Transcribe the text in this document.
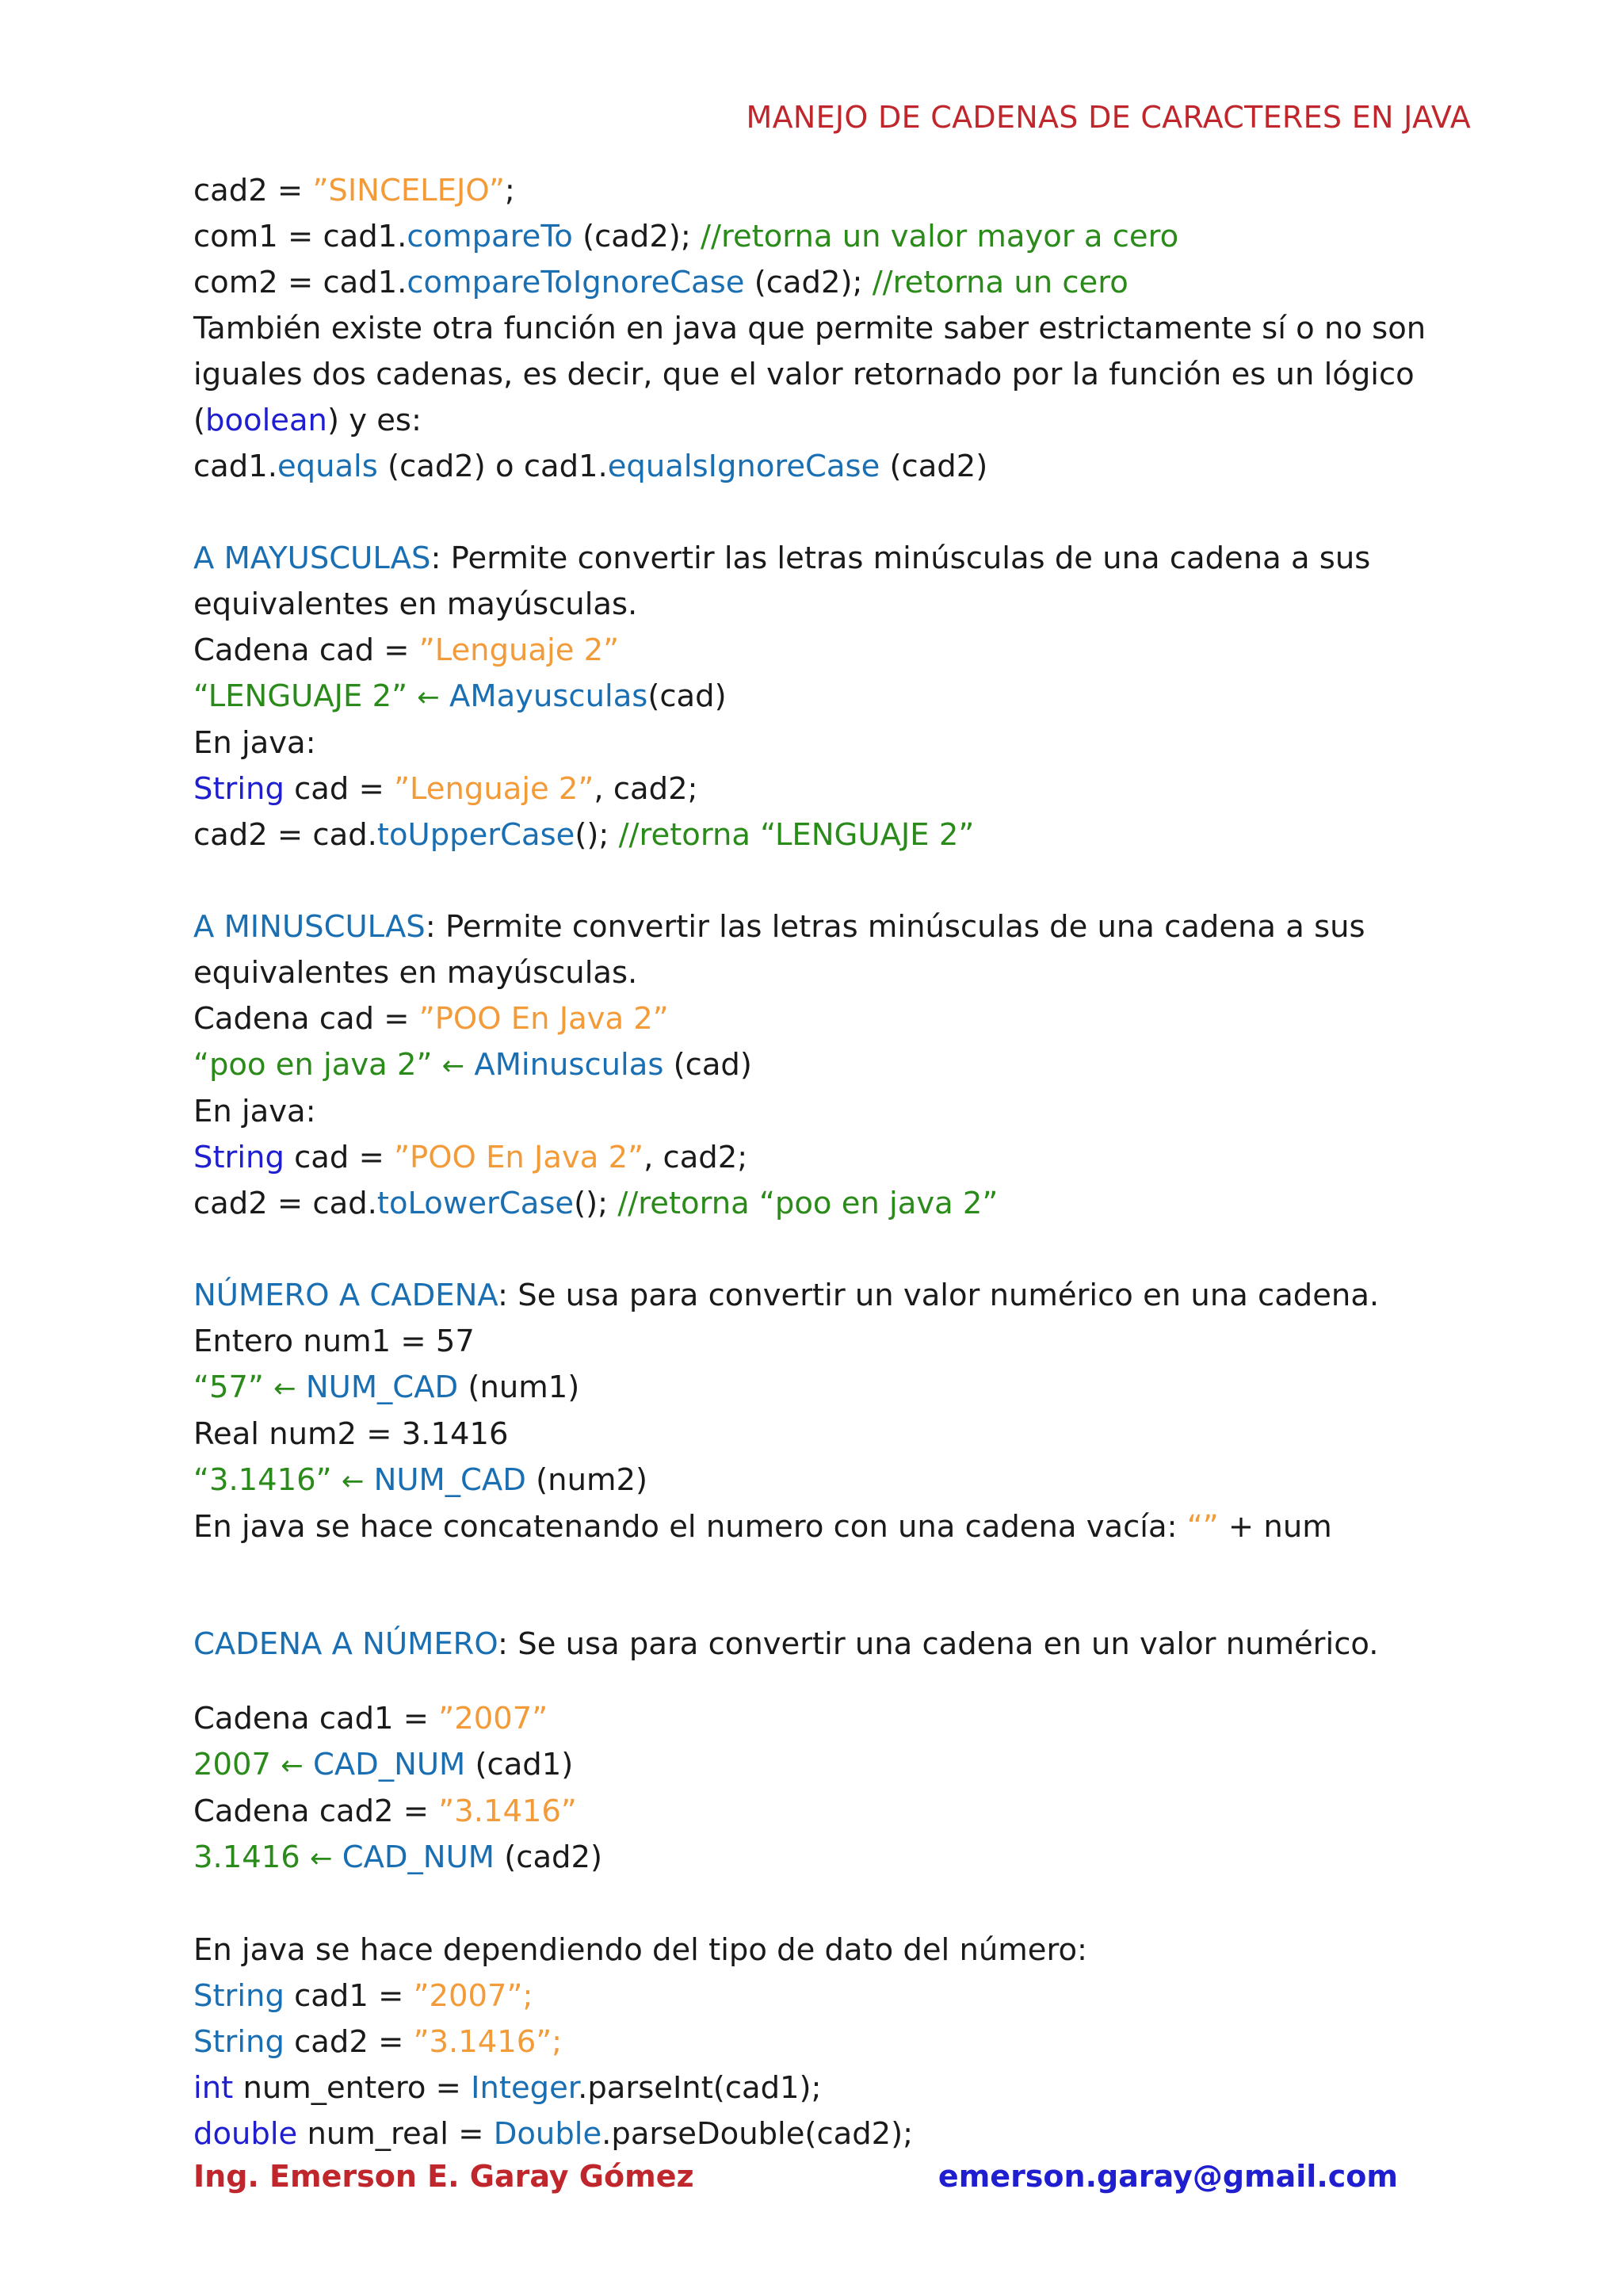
MANEJO DE CADENAS DE CARACTERES EN JAVA
cad2 = ”SINCELEJO”;
com1 = cad1.compareTo (cad2); //retorna un valor mayor a cero
com2 = cad1.compareToIgnoreCase (cad2); //retorna un cero
También existe otra función en java que permite saber estrictamente sí o no son iguales dos cadenas, es decir, que el valor retornado por la función es un lógico (boolean) y es:
cad1.equals (cad2) o cad1.equalsIgnoreCase (cad2)
A MAYUSCULAS: Permite convertir las letras minúsculas de una cadena a sus equivalentes en mayúsculas.
Cadena cad = ”Lenguaje 2”
“LENGUAJE 2” ← AMayusculas(cad)
En java:
String cad = ”Lenguaje 2”, cad2;
cad2 = cad.toUpperCase(); //retorna “LENGUAJE 2”
A MINUSCULAS: Permite convertir las letras minúsculas de una cadena a sus equivalentes en mayúsculas.
Cadena cad = ”POO En Java 2”
“poo en java 2” ← AMinusculas (cad)
En java:
String cad = ”POO En Java 2”, cad2;
cad2 = cad.toLowerCase(); //retorna “poo en java 2”
NÚMERO A CADENA: Se usa para convertir un valor numérico en una cadena.
Entero num1 = 57
“57” ← NUM_CAD (num1)
Real num2 = 3.1416
“3.1416” ← NUM_CAD (num2)
En java se hace concatenando el numero con una cadena vacía: “” + num
CADENA A NÚMERO: Se usa para convertir una cadena en un valor numérico.
Cadena cad1 = ”2007”
2007 ← CAD_NUM (cad1)
Cadena cad2 = ”3.1416”
3.1416 ← CAD_NUM (cad2)
En java se hace dependiendo del tipo de dato del número:
String cad1 = ”2007”;
String cad2 = ”3.1416”;
int num_entero = Integer.parseInt(cad1);
double num_real = Double.parseDouble(cad2);
Ing. Emerson E. Garay Gómez	emerson.garay@gmail.com
